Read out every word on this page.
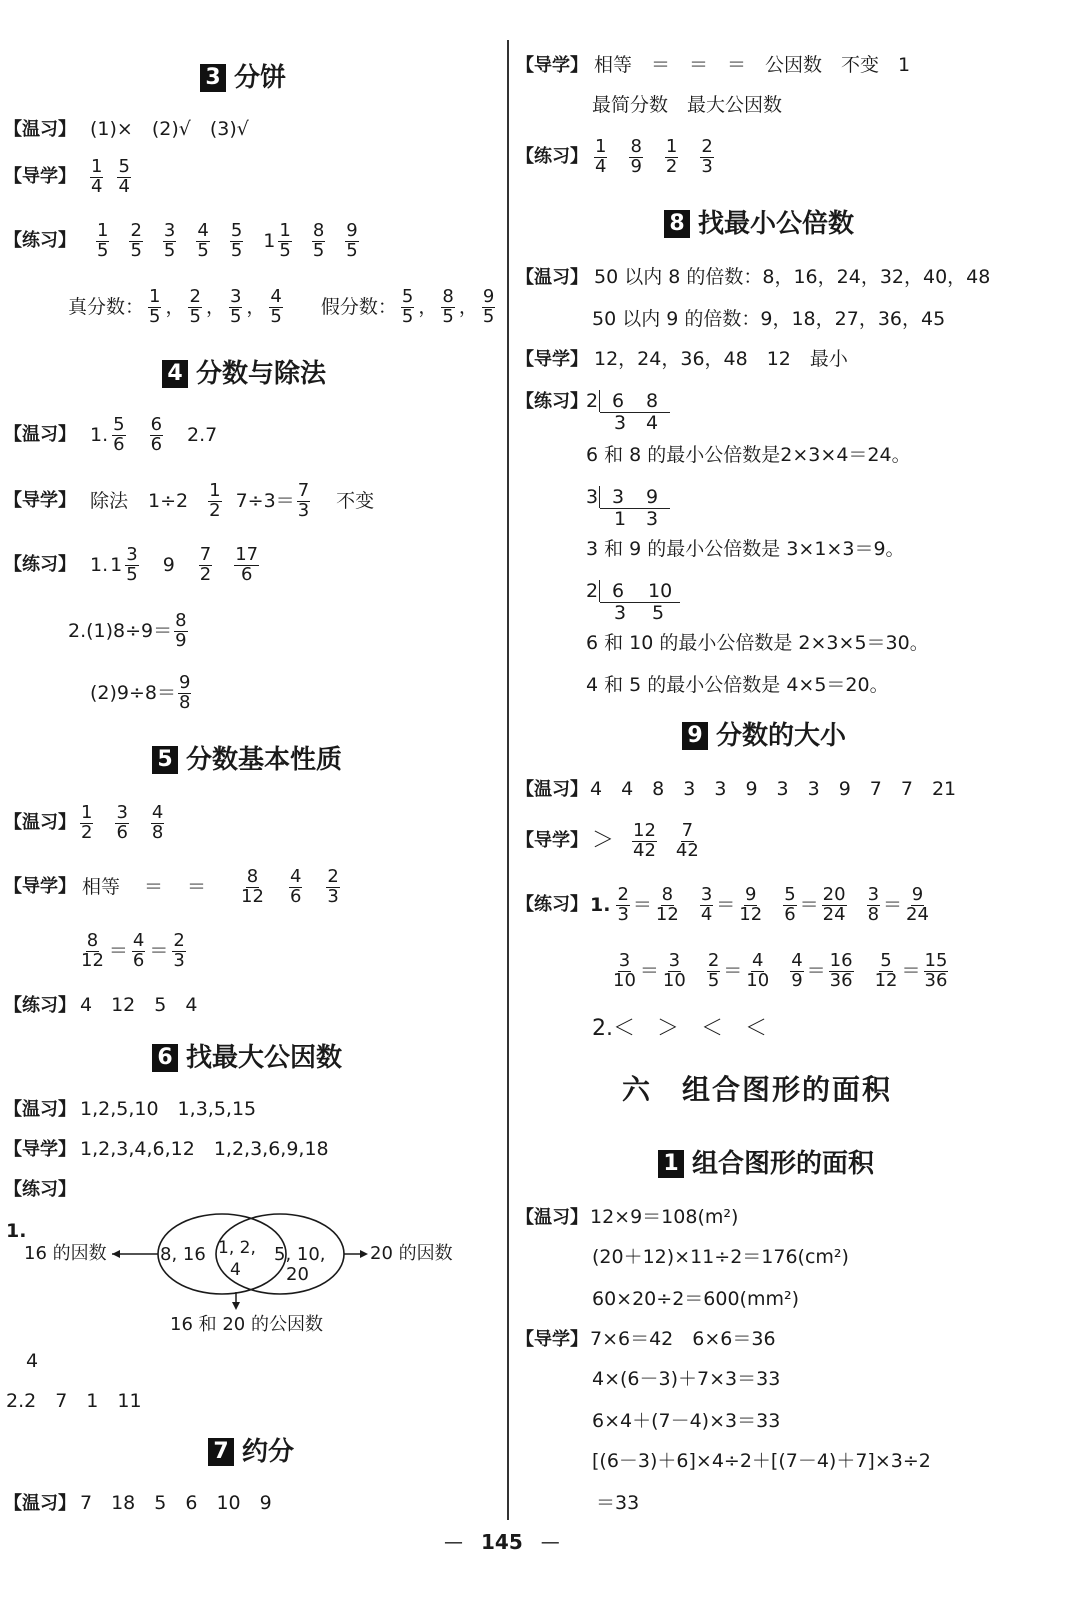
3 分饼
【温习】 (1)×　(2)√　(3)√
【导学】 $\frac{1}{4} \frac{5}{4}$
【练习】 $\frac{1}{5} \frac{2}{5} \frac{3}{5} \frac{4}{5} \frac{5}{5} 1 \frac{1}{5} \frac{8}{5} \frac{9}{5}$
真分数： $\frac{1}{5}$ ， $\frac{2}{5}$ ， $\frac{3}{5}$ ， $\frac{4}{5}$ 假分数： $\frac{5}{5}$ ， $\frac{8}{5}$ ， $\frac{9}{5}$
4 分数与除法
【温习】 1. $\frac{5}{6} \frac{6}{6} 2.7$
【导学】 除法 $1\div 2 \frac{1}{2} 7\div 3= \frac{7}{3}$ 不变
【练习】 1. $1 \frac{3}{5} 9 \frac{7}{2} \frac{17}{6}$
$2.(1)8\div 9= \frac{8}{9}$
$(2)9\div 8= \frac{9}{8}$
5 分数基本性质
【温习】 $\frac{1}{2} \frac{3}{6} \frac{4}{8}$
【导学】 相等 ＝ ＝ $\frac{8}{12} \frac{4}{6} \frac{2}{3}$
$\frac{8}{12} = \frac{4}{6} = \frac{2}{3}$
【练习】 4　12　5　4
6 找最大公因数
【温习】 1,2,5,10　1,3,5,15
【导学】 1,2,3,4,6,12　1,2,3,6,9,18
【练习】
1.
16 的因数	8, 16 1, 2,
4
5, 10,
20
20 的因数
16 和 20 的公因数
4
2.2　7　1　11
7 约分
【温习】 7　18　5　6　10　9
【导学】 相等　＝　＝　＝　公因数　不变　1
最简分数　最大公因数
【练习】 $\frac{1}{4} \frac{8}{9} \frac{1}{2} \frac{2}{3}$
8 找最小公倍数
【温习】 50 以内 8 的倍数：8，16，24，32，40，48
50 以内 9 的倍数：9，18，27，36，45
【导学】 12，24，36，48　12　最小
【练习】
2 6 8
3 4
6 和 8 的最小公倍数是2×3×4＝24。
3 3 9
1 3
3 和 9 的最小公倍数是 3×1×3＝9。
2 6 10
3 5
6 和 10 的最小公倍数是 2×3×5＝30。
4 和 5 的最小公倍数是 4×5＝20。
9 分数的大小
【温习】 4　4　8　3　3　9　3　3　9　7　7　21
【导学】 ＞ $\frac{12}{42} \frac{7}{42}$
【练习】 1. $\frac{2}{3} = \frac{8}{12} \frac{3}{4} = \frac{9}{12} \frac{5}{6} = \frac{20}{24} \frac{3}{8} = \frac{9}{24}$
$\frac{3}{10} = \frac{3}{10} \frac{2}{5} = \frac{4}{10} \frac{4}{9} = \frac{16}{36} \frac{5}{12} = \frac{15}{36}$
2.＜　＞　＜　＜
六　组合图形的面积
1 组合图形的面积
【温习】 12×9＝108(m²)
(20＋12)×11÷2＝176(cm²)
60×20÷2＝600(mm²)
【导学】 7×6＝42　6×6＝36
4×(6－3)＋7×3＝33
6×4＋(7－4)×3＝33
[(6－3)＋6]×4÷2＋[(7－4)＋7]×3÷2
＝33
— 145 —
